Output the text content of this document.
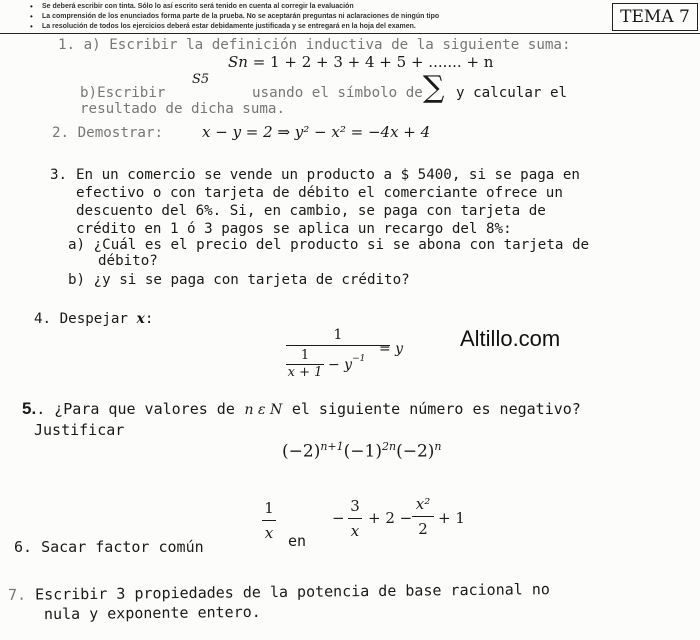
•	Se deberá escribir con tinta. Sólo lo así escrito será tenido en cuenta al corregir la evaluación
•	La comprensión de los enunciados forma parte de la prueba. No se aceptarán preguntas ni aclaraciones de ningún tipo
•	La resolución de todos los ejercicios deberá estar debidamente justificada y se entregará en la hoja del examen.	TEMA 7
1. a) Escribir la definición inductiva de la siguiente suma:
Sn = 1 + 2 + 3 + 4 + 5 + ....... + n
b)Escribir
S5
usando el símbolo de ∑ y calcular el
resultado de dicha suma.
2. Demostrar:	x − y = 2 ⇒ y² − x² = −4x + 4
3. En un comercio se vende un producto a $ 5400, si se paga en
efectivo o con tarjeta de débito el comerciante ofrece un
descuento del 6%. Si, en cambio, se paga con tarjeta de
crédito en 1 ó 3 pagos se aplica un recargo del 8%:
a) ¿Cuál es el precio del producto si se abona con tarjeta de
débito?
b) ¿y si se paga con tarjeta de crédito?
4. Despejar x:
1
1
$x + 1 - y^{-1}$
= y	Altillo.com
5.. ¿Para que valores de n ε N el siguiente número es negativo?
Justificar
$(-2)^{n+1}(-1)^{2n}(-2)^n$
6. Sacar factor común
1
x en
−
3
x
+ 2 −
x²
2
+ 1
7. Escribir 3 propiedades de la potencia de base racional no
nula y exponente entero.
